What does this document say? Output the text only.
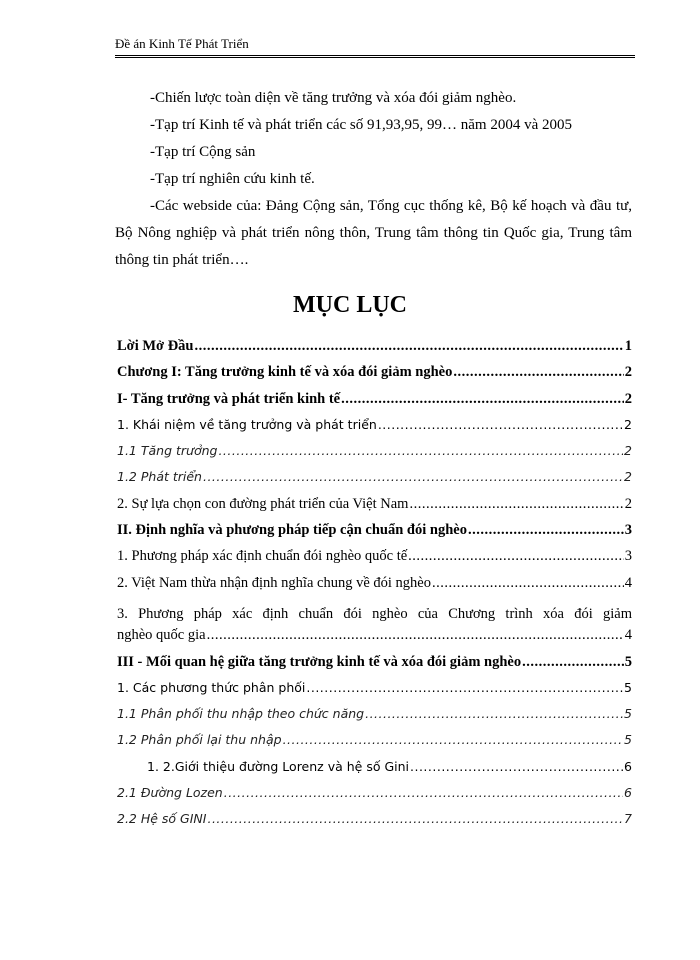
Đề án Kinh Tế Phát Triển

-Chiến lược toàn diện về tăng trưởng và xóa đói giảm nghèo.

-Tạp trí Kinh tế và phát triển các số 91,93,95, 99… năm 2004 và 2005

-Tạp trí Cộng sản

-Tạp trí nghiên cứu kinh tế.

-Các webside của: Đảng Cộng sản, Tổng cục thống kê, Bộ kế hoạch và đầu tư, Bộ Nông nghiệp và phát triển nông thôn, Trung tâm thông tin Quốc gia, Trung tâm thông tin phát triển….

MỤC LỤC
Lời Mở Đầu .....	1
Chương I: Tăng trưởng kinh tế và xóa đói giảm nghèo .....	2
I- Tăng trưởng và phát triển kinh tế .....	2
1. Khái niệm về tăng trưởng và phát triển .....	2
1.1 Tăng trưởng .....	2
1.2 Phát triển .....	2
2. Sự lựa chọn con đường phát triển của Việt Nam .....	2
II. Định nghĩa và phương pháp tiếp cận chuẩn đói nghèo .....	3
1. Phương pháp xác định chuẩn đói nghèo quốc tế .....	3
2. Việt Nam thừa nhận định nghĩa chung về đói nghèo .....	4
3. Phương pháp xác định chuẩn đói nghèo của Chương trình xóa đói giảm
nghèo quốc gia .....	4
III - Mối quan hệ giữa tăng trưởng kinh tế và xóa đói giảm nghèo .....	5
1. Các phương thức phân phối .....	5
1.1 Phân phối thu nhập theo chức năng .....	5
1.2 Phân phối lại thu nhập .....	5
1. 2.Giới thiệu đường Lorenz và hệ số Gini .....	6
2.1 Đường Lozen .....	6
2.2 Hệ số GINI .....	7
